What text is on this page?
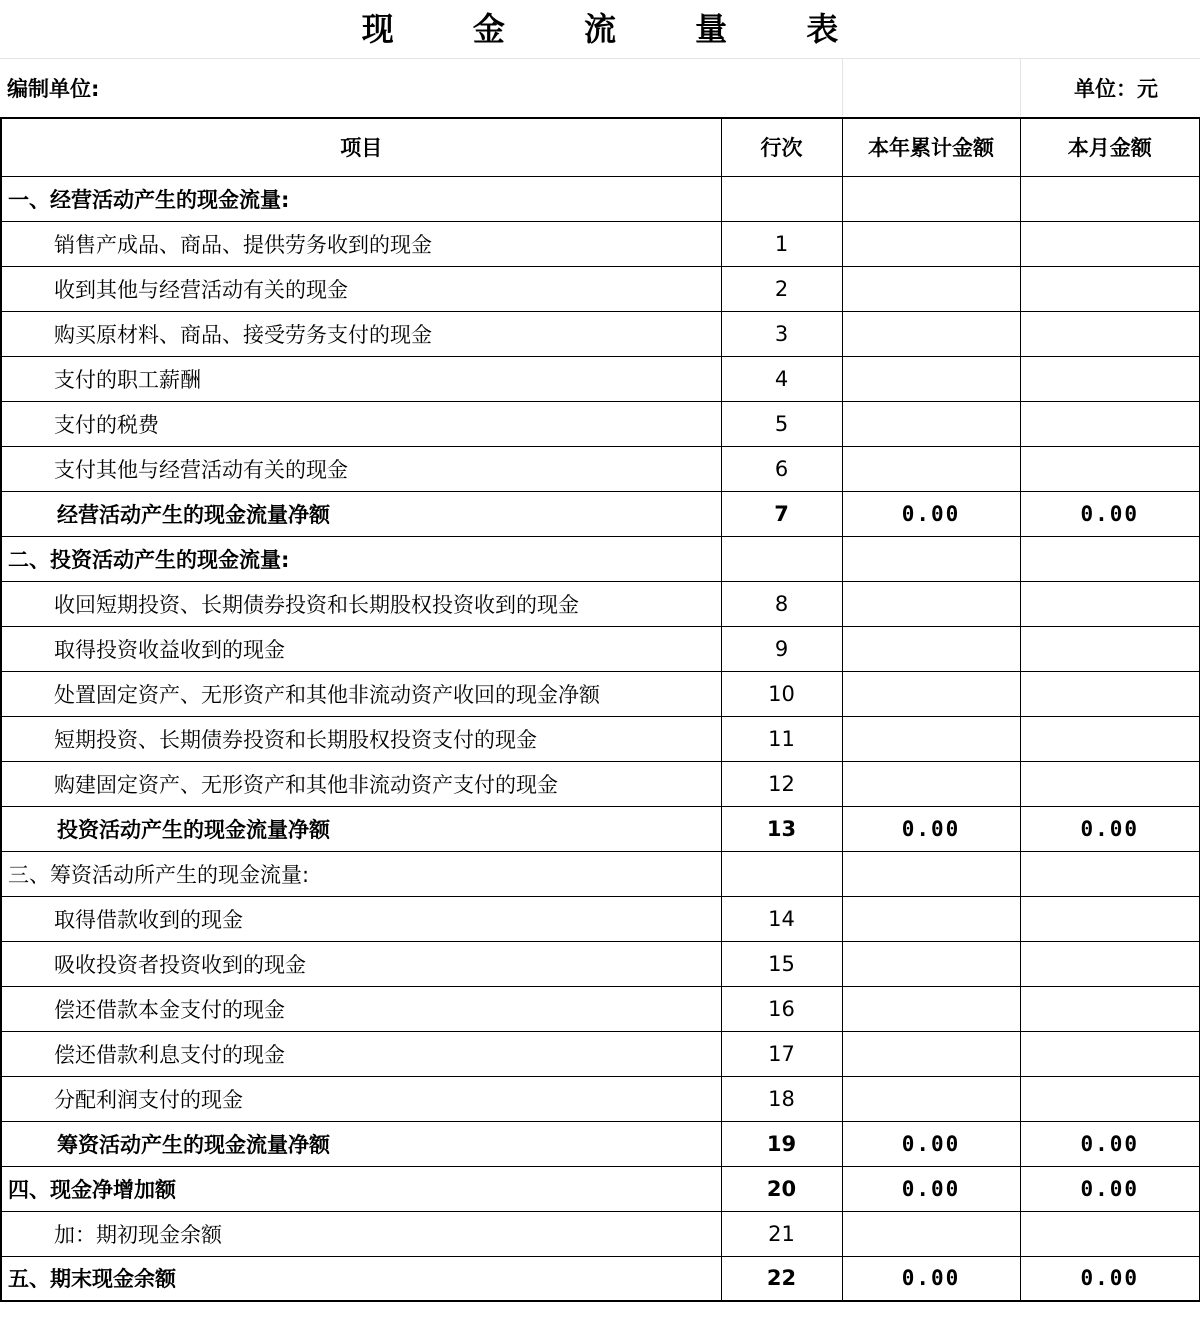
现 金 流 量 表
编制单位:	单位：元
项目	行次	本年累计金额	本月金额
一、经营活动产生的现金流量:			
销售产成品、商品、提供劳务收到的现金	1		
收到其他与经营活动有关的现金	2		
购买原材料、商品、接受劳务支付的现金	3		
支付的职工薪酬	4		
支付的税费	5		
支付其他与经营活动有关的现金	6		
经营活动产生的现金流量净额	7	0.00	0.00
二、投资活动产生的现金流量:			
收回短期投资、长期债券投资和长期股权投资收到的现金	8		
取得投资收益收到的现金	9		
处置固定资产、无形资产和其他非流动资产收回的现金净额	10		
短期投资、长期债券投资和长期股权投资支付的现金	11		
购建固定资产、无形资产和其他非流动资产支付的现金	12		
投资活动产生的现金流量净额	13	0.00	0.00
三、筹资活动所产生的现金流量:			
取得借款收到的现金	14		
吸收投资者投资收到的现金	15		
偿还借款本金支付的现金	16		
偿还借款利息支付的现金	17		
分配利润支付的现金	18		
筹资活动产生的现金流量净额	19	0.00	0.00
四、现金净增加额	20	0.00	0.00
加：期初现金余额	21		
五、期末现金余额	22	0.00	0.00
